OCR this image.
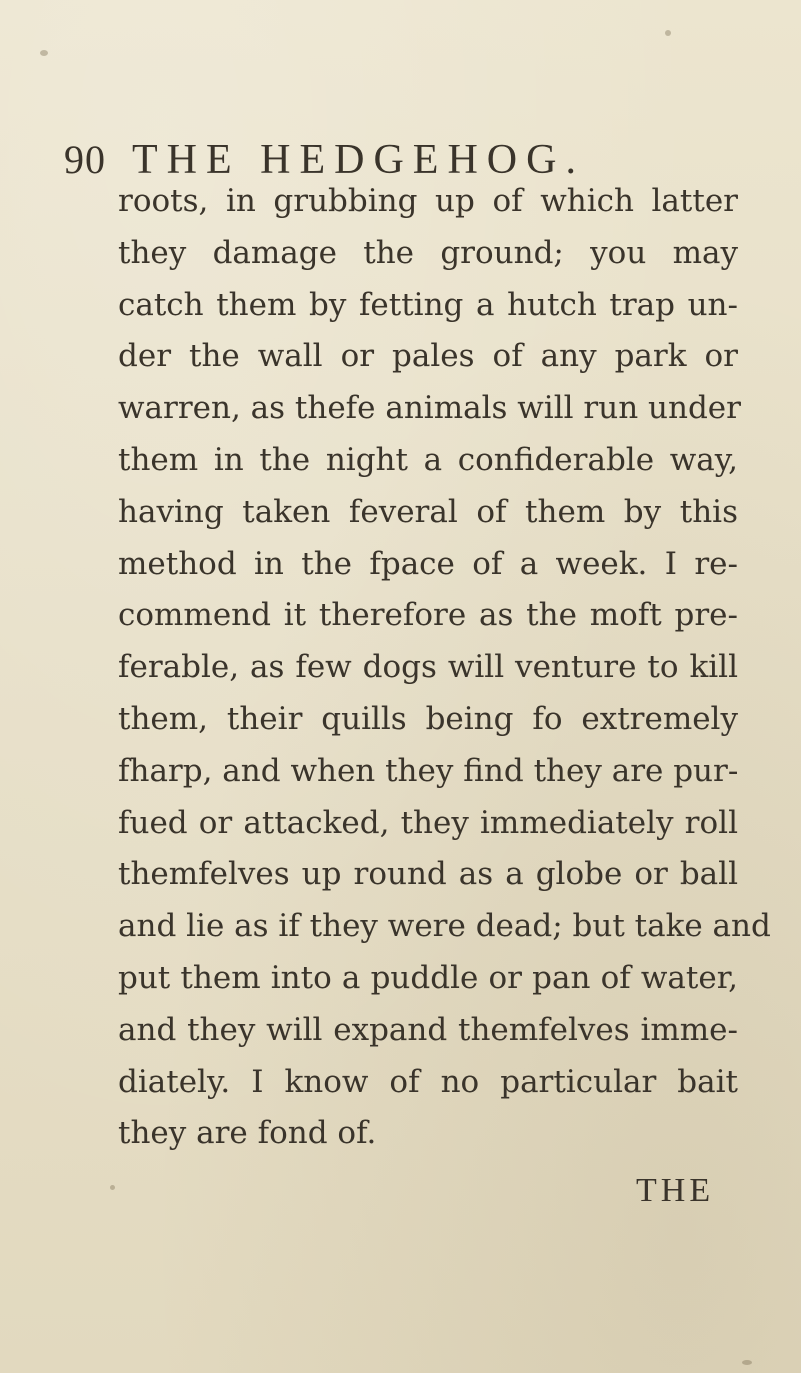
90 THE HEDGEHOG.
roots, in grubbing up of which latter
they damage the ground; you may
catch them by fetting a hutch trap un-
der the wall or pales of any park or
warren, as thefe animals will run under
them in the night a confiderable way,
having taken feveral of them by this
method in the fpace of a week. I re-
commend it therefore as the moft pre-
ferable, as few dogs will venture to kill
them, their quills being fo extremely
fharp, and when they find they are pur-
fued or attacked, they immediately roll
themfelves up round as a globe or ball
and lie as if they were dead; but take and
put them into a puddle or pan of water,
and they will expand themfelves imme-
diately. I know of no particular bait
they are fond of.
THE
